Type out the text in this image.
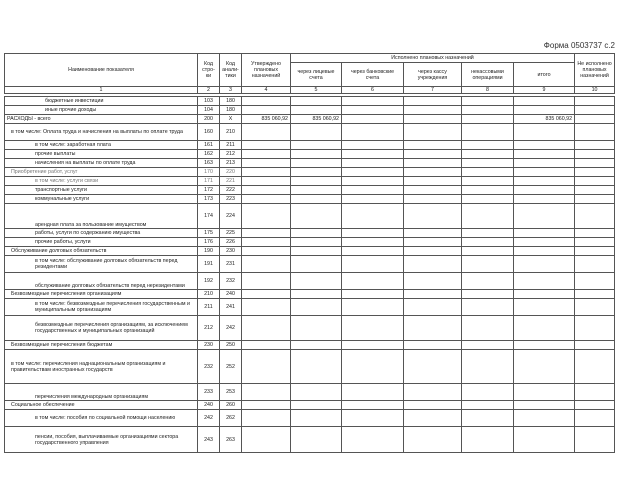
Форма 0503737 с.2
Наименование показателя	Код стро-ки	Код анали-тики	Утверждено плановых назначений	Исполнено плановых назначений					Не исполнено плановых назначений
				через лицевые счета	через банковские счета	через кассу учреждения	некассовыми операциями	итого	
1	2	3	4	5	6	7	8	9	10

бюджетные инвестиции	103	180							
иные прочие доходы	104	180							
РАСХОДЫ - всего	200	X	835 060,92	835 060,92				835 060,92	
в том числе: Оплата труда и начисления на выплаты по оплате труда	160	210							
в том числе: заработная плата	161	211							
прочие выплаты	162	212							
начисления на выплаты по оплате труда	163	213							
Приобретение работ, услуг	170	220							
в том числе: услуги связи	171	221							
транспортные услуги	172	222							
коммунальные услуги	173	223							
арендная плата за пользование имуществом	174	224							
работы, услуги по содержанию имущества	175	225							
прочие работы, услуги	176	226							
Обслуживание долговых обязательств	190	230							
в том числе: обслуживание долговых обязательств перед резидентами	191	231							
обслуживание долговых обязательств перед нерезидентами	192	232							
Безвозмездные перечисления организациям	210	240							
в том числе: безвозмездные перечисления государственным и муниципальным организациям	211	241							
безвозмездные перечисления организациям, за исключением государственных и муниципальных организаций	212	242							
Безвозмездные перечисления бюджетам	230	250							
в том числе: перечисления наднациональным организациям и правительствам иностранных государств	232	252							
перечисления международным организациям	233	253							
Социальное обеспечение	240	260							
в том числе: пособия по социальной помощи населению	242	262							
пенсии, пособия, выплачиваемые организациями сектора государственного управления	243	263							
